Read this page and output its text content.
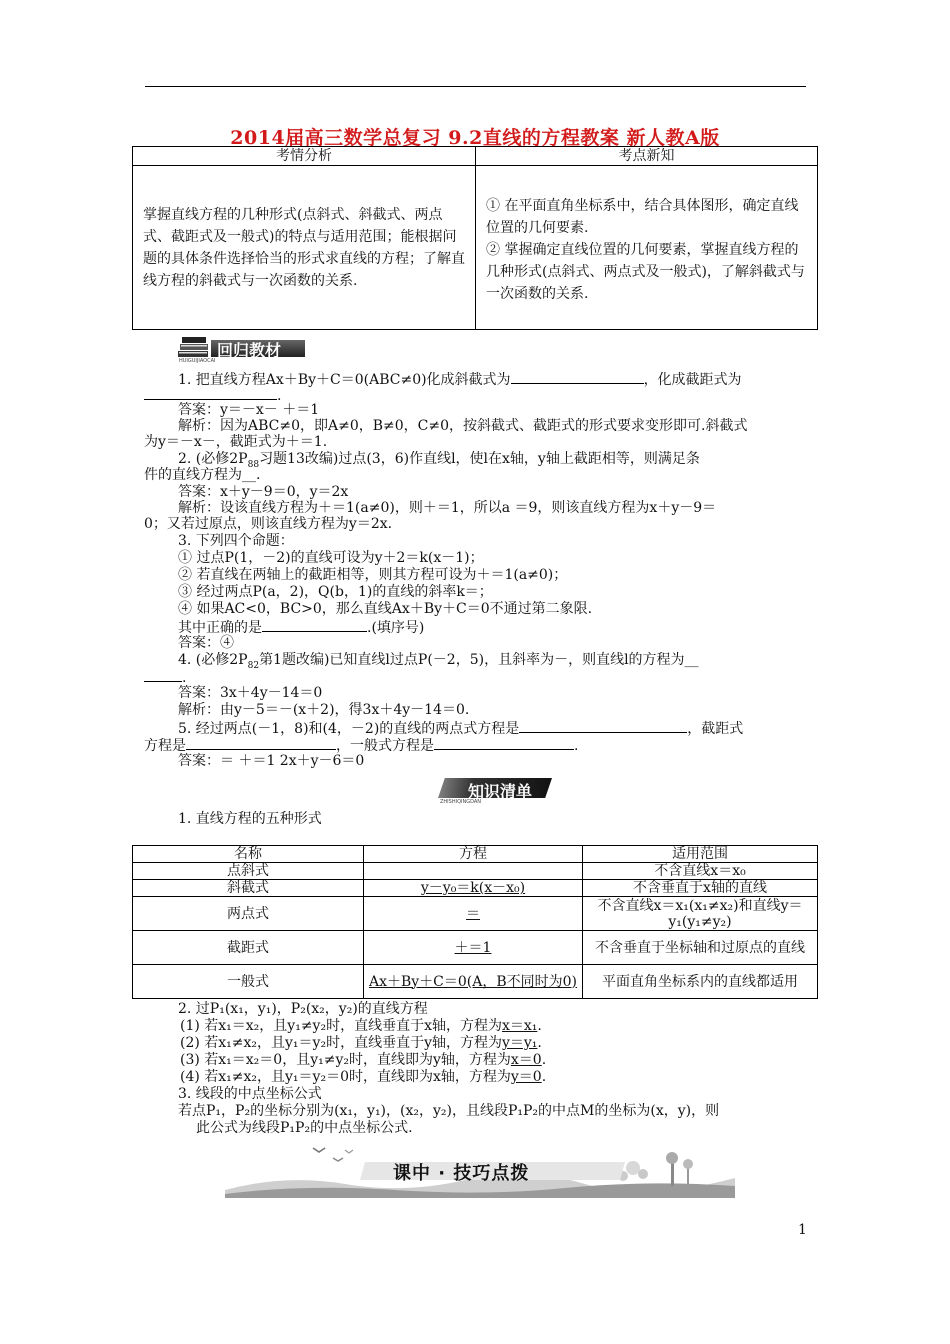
2014届高三数学总复习 9.2直线的方程教案 新人教A版
考情分析	考点新知
掌握直线方程的几种形式(点斜式、斜截式、两点式、截距式及一般式)的特点与适用范围；能根据问题的具体条件选择恰当的形式求直线的方程；了解直线方程的斜截式与一次函数的关系.	① 在平面直角坐标系中，结合具体图形，确定直线位置的几何要素.
② 掌握确定直线位置的几何要素，掌握直线方程的几种形式(点斜式、两点式及一般式)，了解斜截式与一次函数的关系.
回归教材
HUIGUIJIAOCAI
1. 把直线方程Ax＋By＋C＝0(ABC≠0)化成斜截式为	，化成截距式为
.
答案：y＝－x－ ＋＝1
解析：因为ABC≠0，即A≠0，B≠0，C≠0，按斜截式、截距式的形式要求变形即可.斜截式
为y＝－x－，截距式为＋＝1.
2. (必修$2P_{88}$习题13改编)过点(3，6)作直线l，使l在x轴，y轴上截距相等，则满足条
件的直线方程为__.
答案：x＋y－9＝0，y＝2x
解析：设该直线方程为＋＝1(a≠0)，则＋＝1，所以a ＝9，则该直线方程为x＋y－9＝
0；又若过原点，则该直线方程为y＝2x.
3. 下列四个命题：
① 过点P(1，－2)的直线可设为y＋2＝k(x－1)；
② 若直线在两轴上的截距相等，则其方程可设为＋＝1(a≠0)；
③ 经过两点P(a，2)，Q(b，1)的直线的斜率k＝；
④ 如果AC<0，BC>0，那么直线Ax＋By＋C＝0不通过第二象限.
其中正确的是	.(填序号)
答案：④
4. (必修$2P_{82}$第1题改编)已知直线l过点P(－2，5)，且斜率为－，则直线l的方程为__
.
答案：3x＋4y－14＝0
解析：由y－5＝－(x＋2)，得3x＋4y－14＝0.
5. 经过两点(－1，8)和(4，－2)的直线的两点式方程是	，截距式
方程是	，一般式方程是	.
答案：＝ ＋＝1 2x＋y－6＝0
知识清单
ZHISHIQINGDAN
1. 直线方程的五种形式
名称	方程	适用范围
点斜式		不含直线x＝x₀
斜截式	y－y₀＝k(x－x₀)	不含垂直于x轴的直线
两点式	＝	不含直线x＝x₁(x₁≠x₂)和直线y＝y₁(y₁≠y₂)
截距式	＋＝1	不含垂直于坐标轴和过原点的直线
一般式	Ax＋By＋C＝0(A，B不同时为0)	平面直角坐标系内的直线都适用
2. 过P₁(x₁，y₁)，P₂(x₂，y₂)的直线方程
(1) 若x₁＝x₂，且y₁≠y₂时，直线垂直于x轴，方程为x＝x₁.
(2) 若x₁≠x₂，且y₁＝y₂时，直线垂直于y轴，方程为y＝y₁.
(3) 若x₁＝x₂＝0，且y₁≠y₂时，直线即为y轴，方程为x＝0.
(4) 若x₁≠x₂，且y₁＝y₂＝0时，直线即为x轴，方程为y＝0.
3. 线段的中点坐标公式
若点P₁，P₂的坐标分别为(x₁，y₁)，(x₂，y₂)，且线段P₁P₂的中点M的坐标为(x，y)，则
此公式为线段P₁P₂的中点坐标公式.
课中 · 技巧点拨
1
